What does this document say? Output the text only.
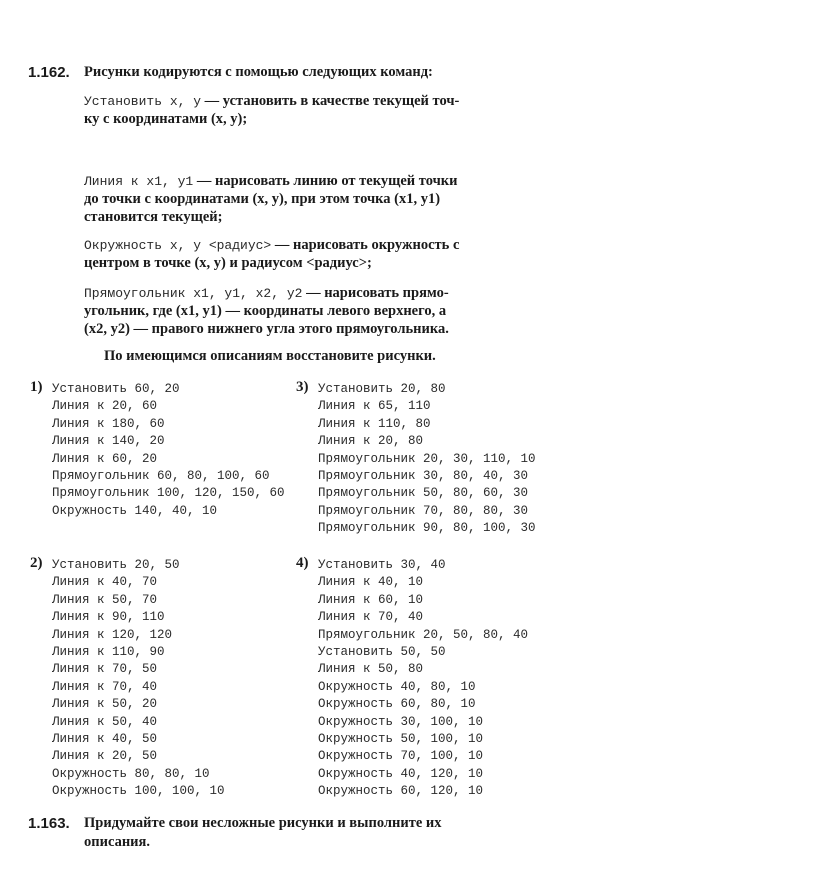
1.162. Рисунки кодируются с помощью следующих команд:
Установить х, у — установить в качестве текущей точ-
ку с координатами (x, y);
Линия к х1, у1 — нарисовать линию от текущей точки
до точки с координатами (x, y), при этом точка (x1, y1)
становится текущей;
Окружность х, у <радиус> — нарисовать окружность с
центром в точке (x, y) и радиусом <радиус>;
Прямоугольник х1, у1, х2, у2 — нарисовать прямо-
угольник, где (x1, y1) — координаты левого верхнего, а
(x2, y2) — правого нижнего угла этого прямоугольника.
По имеющимся описаниям восстановите рисунки.
1) Установить 60, 20
Линия к 20, 60
Линия к 180, 60
Линия к 140, 20
Линия к 60, 20
Прямоугольник 60, 80, 100, 60
Прямоугольник 100, 120, 150, 60
Окружность 140, 40, 10
3) Установить 20, 80
Линия к 65, 110
Линия к 110, 80
Линия к 20, 80
Прямоугольник 20, 30, 110, 10
Прямоугольник 30, 80, 40, 30
Прямоугольник 50, 80, 60, 30
Прямоугольник 70, 80, 80, 30
Прямоугольник 90, 80, 100, 30
2) Установить 20, 50
Линия к 40, 70
Линия к 50, 70
Линия к 90, 110
Линия к 120, 120
Линия к 110, 90
Линия к 70, 50
Линия к 70, 40
Линия к 50, 20
Линия к 50, 40
Линия к 40, 50
Линия к 20, 50
Окружность 80, 80, 10
Окружность 100, 100, 10
4) Установить 30, 40
Линия к 40, 10
Линия к 60, 10
Линия к 70, 40
Прямоугольник 20, 50, 80, 40
Установить 50, 50
Линия к 50, 80
Окружность 40, 80, 10
Окружность 60, 80, 10
Окружность 30, 100, 10
Окружность 50, 100, 10
Окружность 70, 100, 10
Окружность 40, 120, 10
Окружность 60, 120, 10
1.163. Придумайте свои несложные рисунки и выполните их
описания.
